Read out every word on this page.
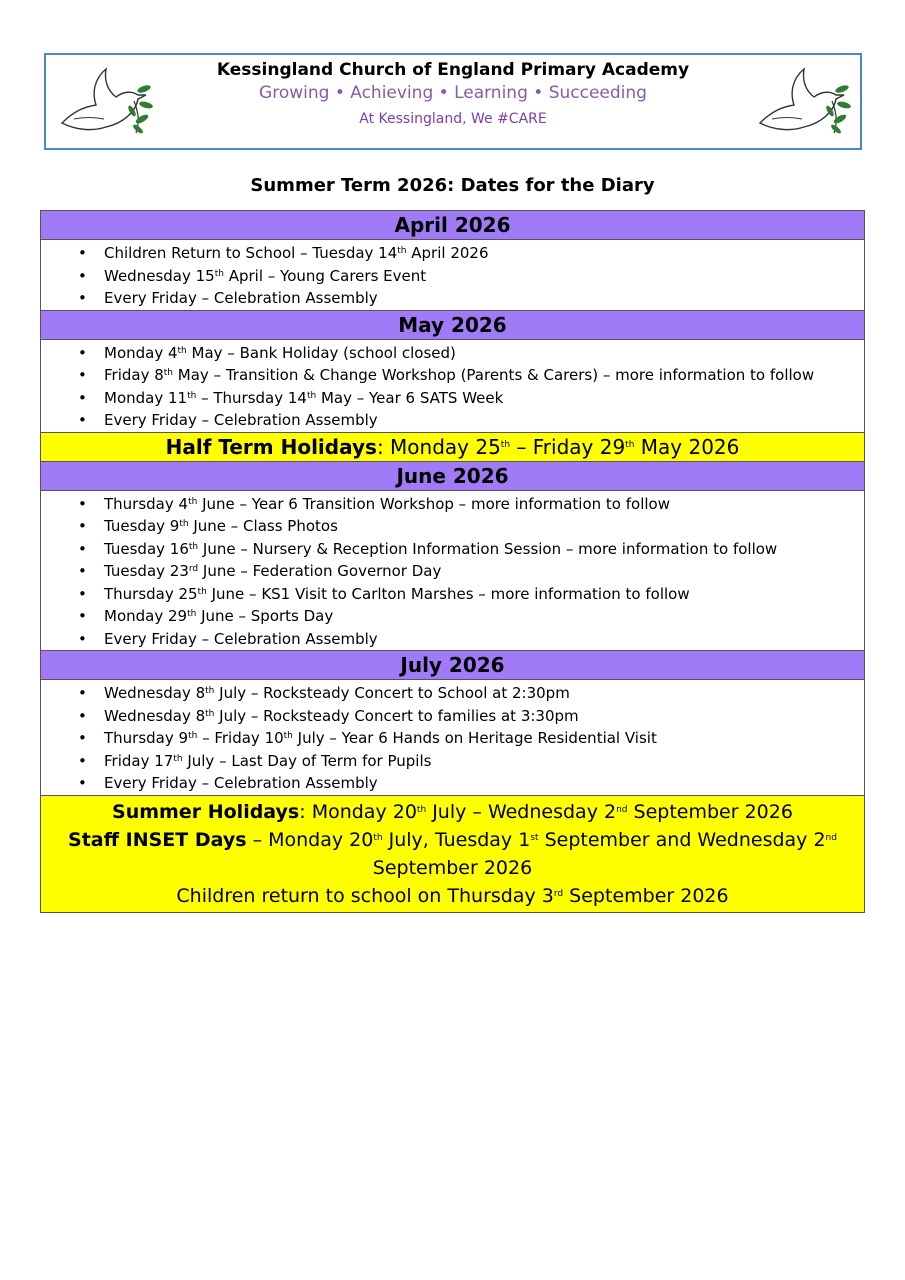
Kessingland Church of England Primary Academy
Growing • Achieving • Learning • Succeeding
At Kessingland, We #CARE
Summer Term 2026: Dates for the Diary
April 2026
• Children Return to School – Tuesday 14th April 2026
• Wednesday 15th April – Young Carers Event
• Every Friday – Celebration Assembly
May 2026
• Monday 4th May – Bank Holiday (school closed)
• Friday 8th May – Transition & Change Workshop (Parents & Carers) – more information to follow
• Monday 11th – Thursday 14th May – Year 6 SATS Week
• Every Friday – Celebration Assembly
Half Term Holidays: Monday 25th – Friday 29th May 2026
June 2026
• Thursday 4th June – Year 6 Transition Workshop – more information to follow
• Tuesday 9th June – Class Photos
• Tuesday 16th June – Nursery & Reception Information Session – more information to follow
• Tuesday 23rd June – Federation Governor Day
• Thursday 25th June – KS1 Visit to Carlton Marshes – more information to follow
• Monday 29th June – Sports Day
• Every Friday – Celebration Assembly
July 2026
• Wednesday 8th July – Rocksteady Concert to School at 2:30pm
• Wednesday 8th July – Rocksteady Concert to families at 3:30pm
• Thursday 9th – Friday 10th July – Year 6 Hands on Heritage Residential Visit
• Friday 17th July – Last Day of Term for Pupils
• Every Friday – Celebration Assembly
Summer Holidays: Monday 20th July – Wednesday 2nd September 2026
Staff INSET Days – Monday 20th July, Tuesday 1st September and Wednesday 2nd September 2026
Children return to school on Thursday 3rd September 2026
